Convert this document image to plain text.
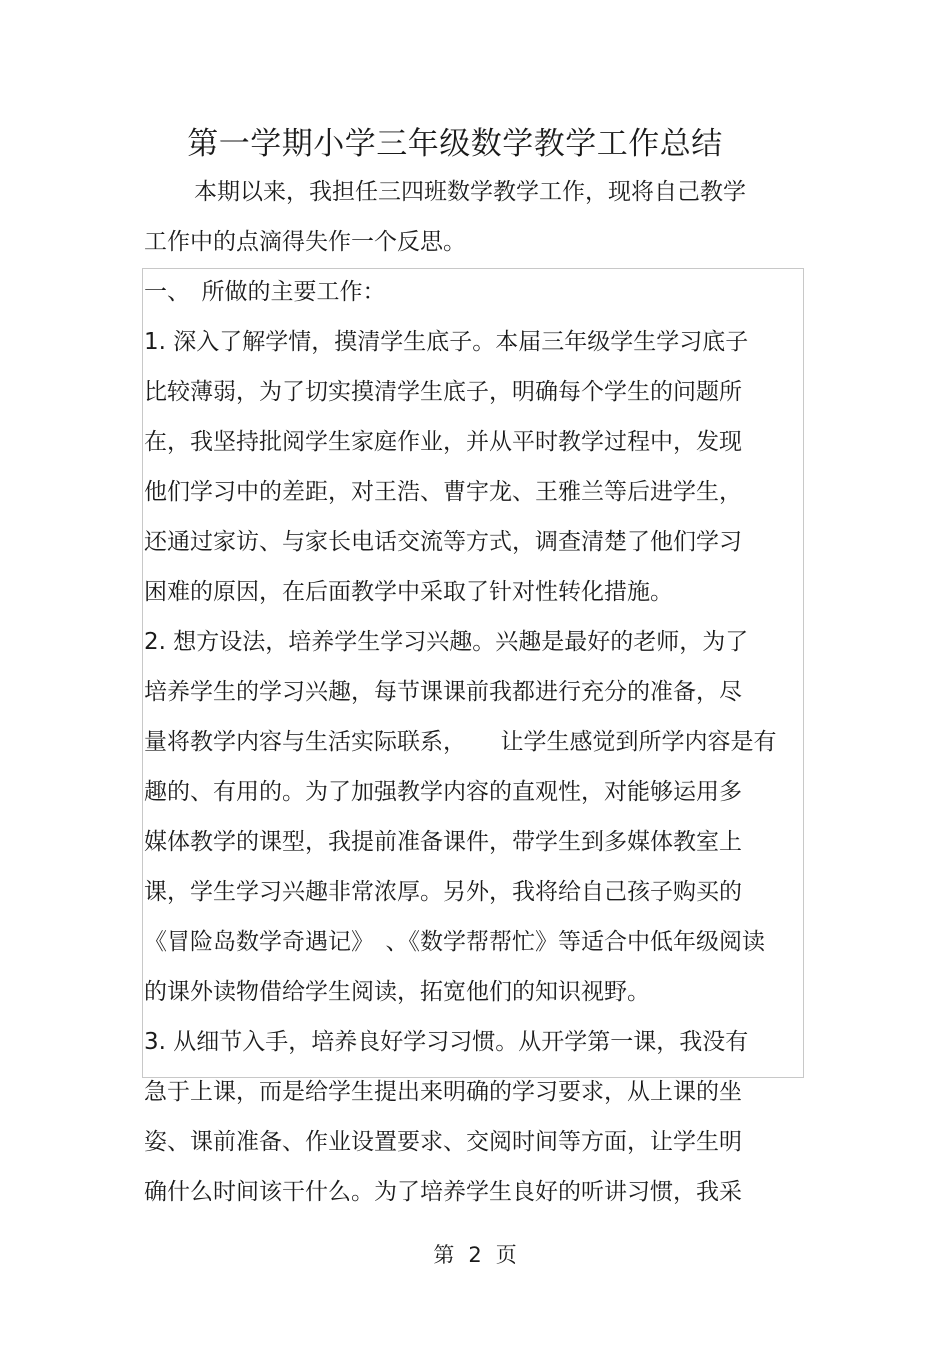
第一学期小学三年级数学教学工作总结
本期以来，我担任三四班数学教学工作，现将自己教学
工作中的点滴得失作一个反思。
一、　所做的主要工作：
1. 深入了解学情，摸清学生底子。本届三年级学生学习底子
比较薄弱，为了切实摸清学生底子，明确每个学生的问题所
在，我坚持批阅学生家庭作业，并从平时教学过程中，发现
他们学习中的差距，对王浩、曹宇龙、王雅兰等后进学生，
还通过家访、与家长电话交流等方式，调查清楚了他们学习
困难的原因，在后面教学中采取了针对性转化措施。
2. 想方设法，培养学生学习兴趣。兴趣是最好的老师，为了
培养学生的学习兴趣，每节课课前我都进行充分的准备，尽
量将教学内容与生活实际联系，　　让学生感觉到所学内容是有
趣的、有用的。为了加强教学内容的直观性，对能够运用多
媒体教学的课型，我提前准备课件，带学生到多媒体教室上
课，学生学习兴趣非常浓厚。另外，我将给自己孩子购买的
《冒险岛数学奇遇记》　、《数学帮帮忙》等适合中低年级阅读
的课外读物借给学生阅读，拓宽他们的知识视野。
3. 从细节入手，培养良好学习习惯。从开学第一课，我没有
急于上课，而是给学生提出来明确的学习要求，从上课的坐
姿、课前准备、作业设置要求、交阅时间等方面，让学生明
确什么时间该干什么。为了培养学生良好的听讲习惯，我采
第 2 页
